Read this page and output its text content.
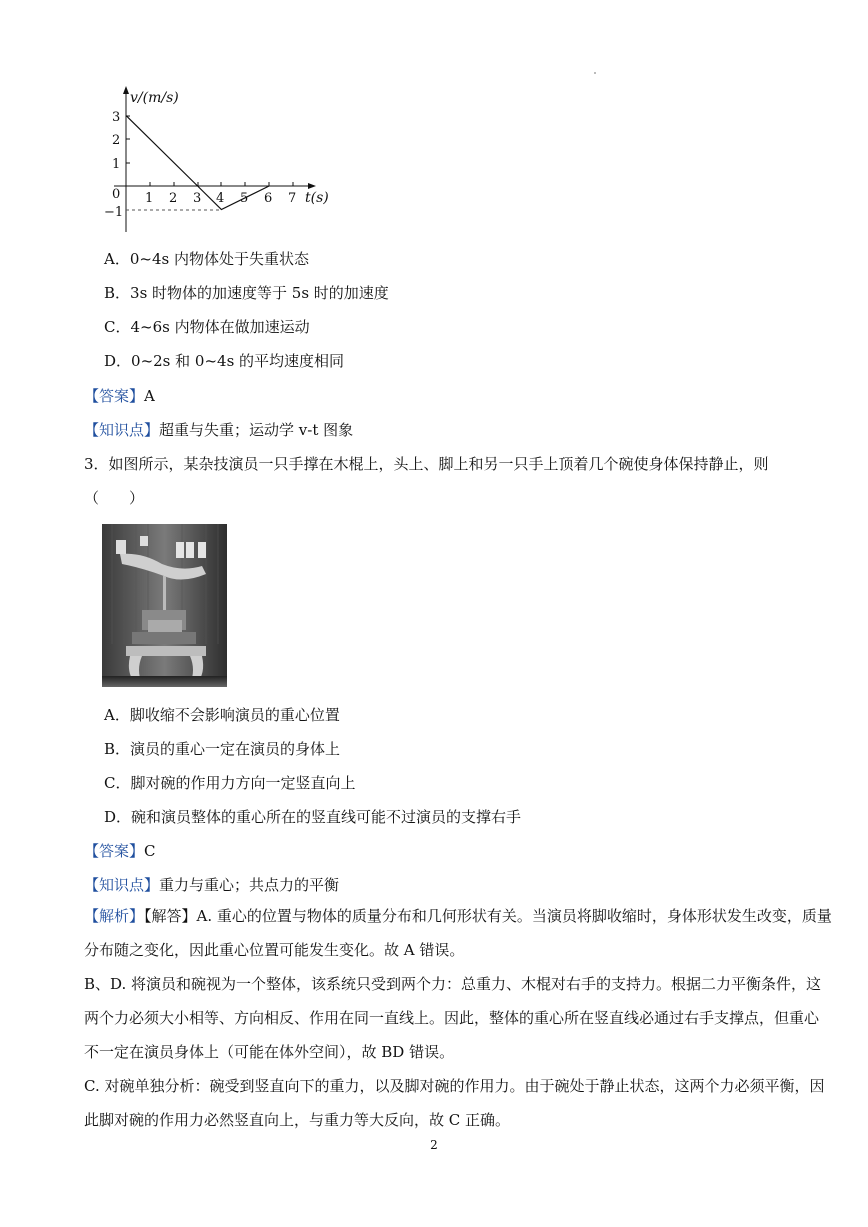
v/(m/s)
t(s)
3
2
1
0
−1
1 2 3 4 5 6 7
A．0~4s 内物体处于失重状态
B．3s 时物体的加速度等于 5s 时的加速度
C．4~6s 内物体在做加速运动
D．0~2s 和 0~4s 的平均速度相同
【答案】A
【知识点】超重与失重；运动学 v-t 图象
3．如图所示，某杂技演员一只手撑在木棍上，头上、脚上和另一只手上顶着几个碗使身体保持静止，则
（　　）
A．脚收缩不会影响演员的重心位置
B．演员的重心一定在演员的身体上
C．脚对碗的作用力方向一定竖直向上
D．碗和演员整体的重心所在的竖直线可能不过演员的支撑右手
【答案】C
【知识点】重力与重心；共点力的平衡
【解析】【解答】A. 重心的位置与物体的质量分布和几何形状有关。当演员将脚收缩时，身体形状发生改变，质量分布随之变化，因此重心位置可能发生变化。故 A 错误。
B、D. 将演员和碗视为一个整体，该系统只受到两个力：总重力、木棍对右手的支持力。根据二力平衡条件，这两个力必须大小相等、方向相反、作用在同一直线上。因此，整体的重心所在竖直线必通过右手支撑点，但重心不一定在演员身体上（可能在体外空间），故 BD 错误。
C. 对碗单独分析：碗受到竖直向下的重力，以及脚对碗的作用力。由于碗处于静止状态，这两个力必须平衡，因此脚对碗的作用力必然竖直向上，与重力等大反向，故 C 正确。
2
